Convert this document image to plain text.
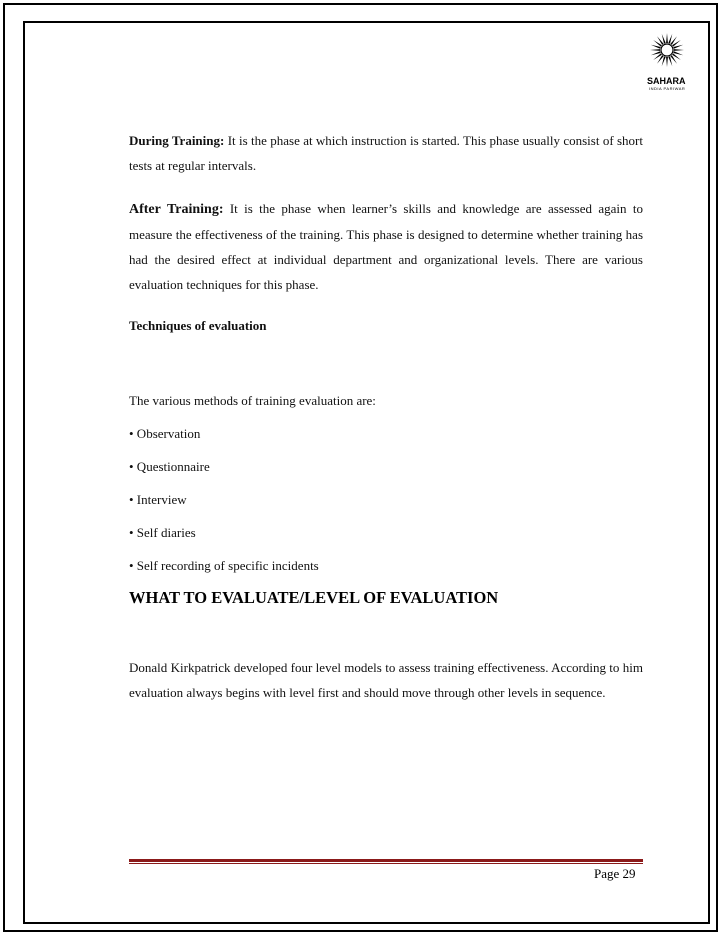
SAHARA
INDIA PARIWAR

During Training: It is the phase at which instruction is started. This phase usually consist of short tests at regular intervals.

After Training: It is the phase when learner’s skills and knowledge are assessed again to measure the effectiveness of the training. This phase is designed to determine whether training has had the desired effect at individual department and organizational levels. There are various evaluation techniques for this phase.

Techniques of evaluation

The various methods of training evaluation are:

• Observation

• Questionnaire

• Interview

• Self diaries

• Self recording of specific incidents

WHAT TO EVALUATE/LEVEL OF EVALUATION

Donald Kirkpatrick developed four level models to assess training effectiveness. According to him evaluation always begins with level first and should move through other levels in sequence.

Page 29
